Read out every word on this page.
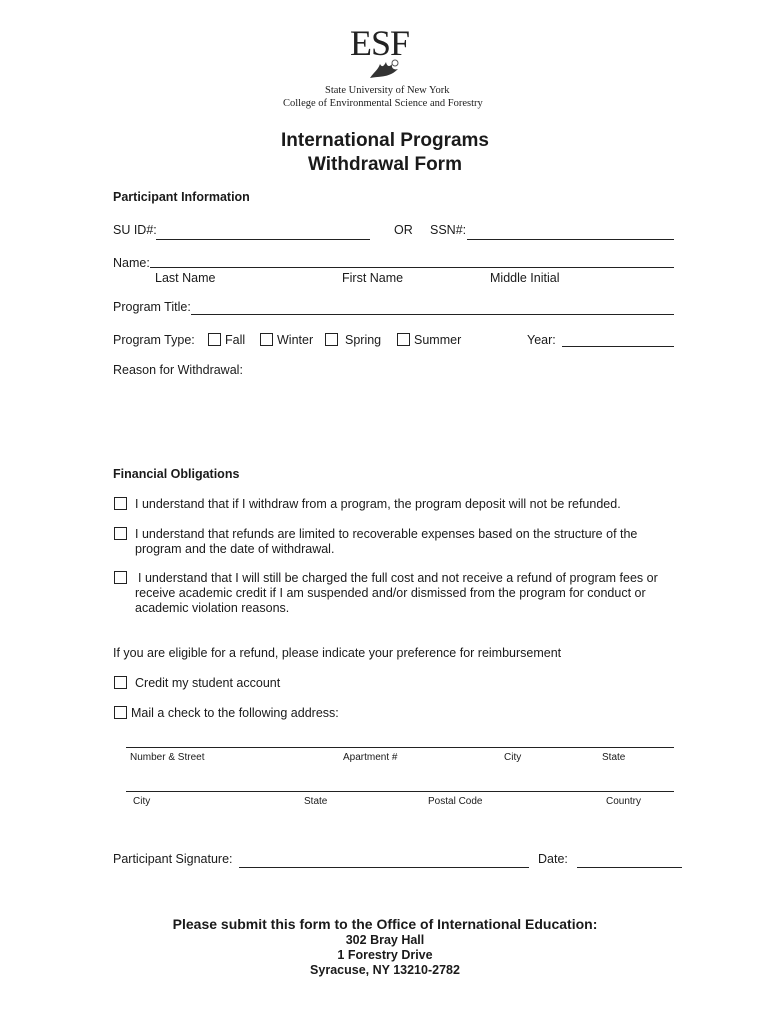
ESF
State University of New York
College of Environmental Science and Forestry
International Programs
Withdrawal Form
Participant Information
SU ID#:	OR SSN#:
Name:
Last Name	First Name	Middle Initial
Program Title:
Program Type: Fall	Winter	Spring	Summer	Year:
Reason for Withdrawal:
Financial Obligations
I understand that if I withdraw from a program, the program deposit will not be refunded.
I understand that refunds are limited to recoverable expenses based on the structure of the
program and the date of withdrawal.
I understand that I will still be charged the full cost and not receive a refund of program fees or
receive academic credit if I am suspended and/or dismissed from the program for conduct or
academic violation reasons.
If you are eligible for a refund, please indicate your preference for reimbursement
Credit my student account
Mail a check to the following address:
Number & Street	Apartment #	City	State
City	State	Postal Code	Country
Participant Signature:	Date:
Please submit this form to the Office of International Education:
302 Bray Hall
1 Forestry Drive
Syracuse, NY 13210-2782
